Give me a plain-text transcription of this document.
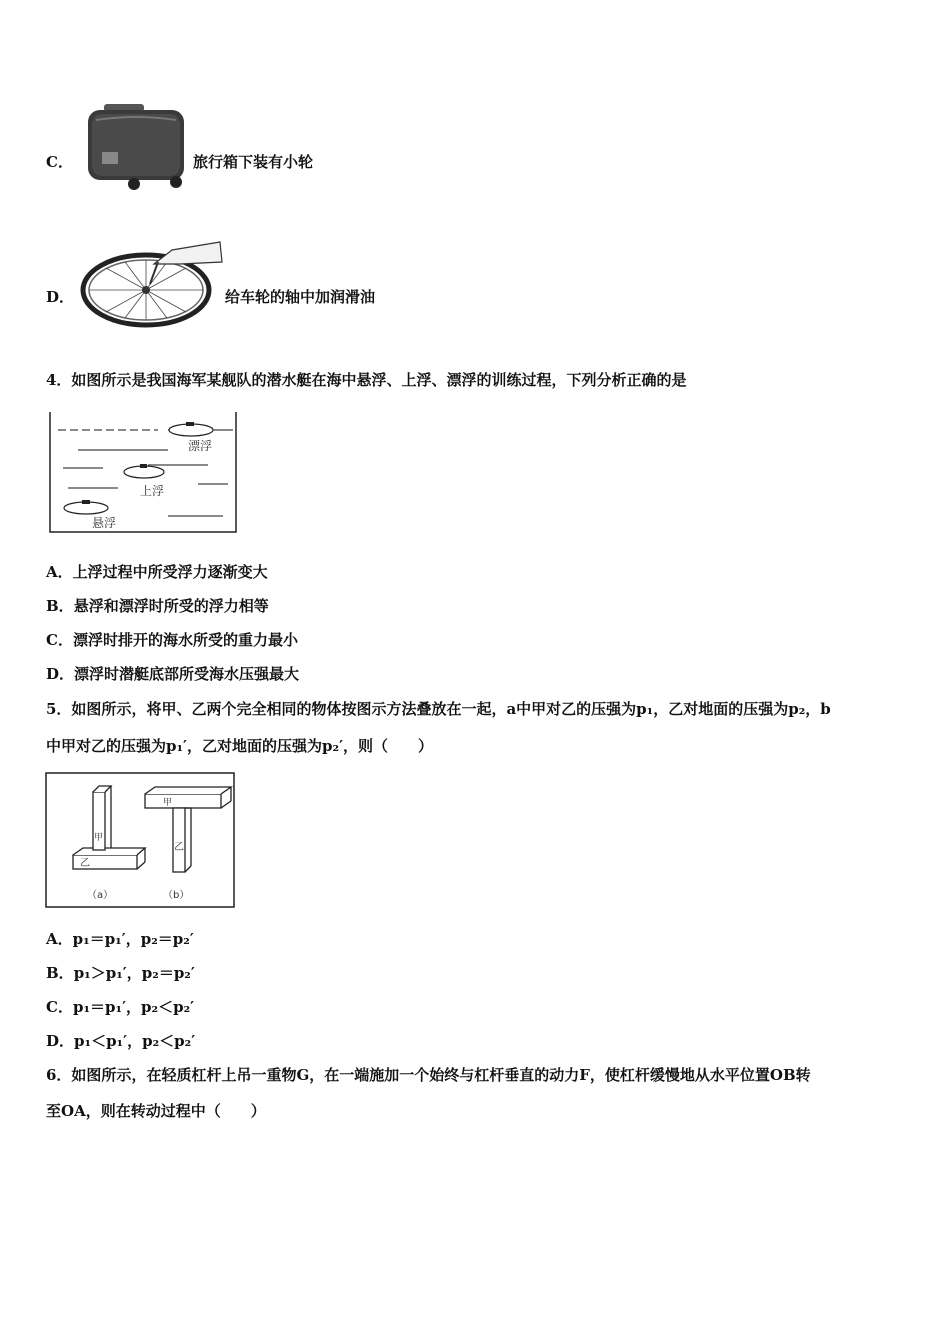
C．	旅行箱下装有小轮
D．	给车轮的轴中加润滑油
4．如图所示是我国海军某舰队的潜水艇在海中悬浮、上浮、漂浮的训练过程，下列分析正确的是
漂浮
上浮
悬浮
A．上浮过程中所受浮力逐渐变大
B．悬浮和漂浮时所受的浮力相等
C．漂浮时排开的海水所受的重力最小
D．漂浮时潜艇底部所受海水压强最大
5．如图所示，将甲、乙两个完全相同的物体按图示方法叠放在一起，a中甲对乙的压强为p₁，乙对地面的压强为p₂，b
中甲对乙的压强为p₁′，乙对地面的压强为p₂′，则（　　）
甲
乙
甲
乙
（a）	（b）
A．p₁＝p₁′，p₂＝p₂′
B．p₁＞p₁′，p₂＝p₂′
C．p₁＝p₁′，p₂＜p₂′
D．p₁＜p₁′，p₂＜p₂′
6．如图所示，在轻质杠杆上吊一重物G，在一端施加一个始终与杠杆垂直的动力F，使杠杆缓慢地从水平位置OB转
至OA，则在转动过程中（　　）
